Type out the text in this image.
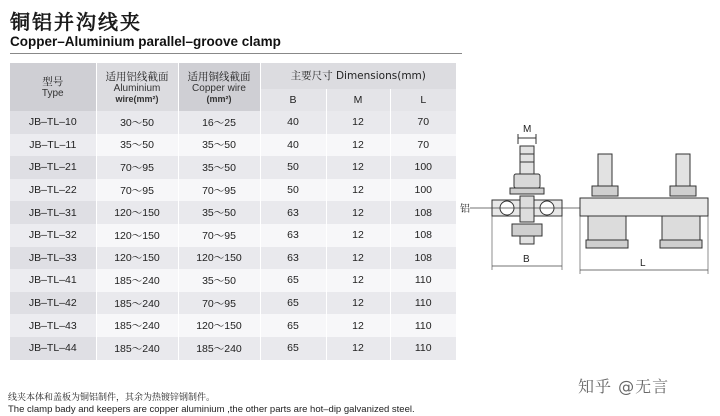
铜铝并沟线夹
Copper–Aluminium parallel–groove clamp
型号
Type	适用铝线截面
Aluminium
wire(mm²)	适用铜线截面
Copper wire
(mm²)	主要尺寸 Dimensions(mm)		

			B	M	L
JB–TL–10	30～50	16～25	40	12	70
JB–TL–11	35～50	35～50	40	12	70
JB–TL–21	70～95	35～50	50	12	100
JB–TL–22	70～95	70～95	50	12	100
JB–TL–31	120～150	35～50	63	12	108
JB–TL–32	120～150	70～95	63	12	108
JB–TL–33	120～150	120～150	63	12	108
JB–TL–41	185～240	35～50	65	12	110
JB–TL–42	185～240	70～95	65	12	110
JB–TL–43	185～240	120～150	65	12	110
JB–TL–44	185～240	185～240	65	12	110
M
铝
B	L
线夹本体和盖板为铜铝制件，其余为热镀锌钢制件。
The clamp bady and keepers are copper aluminium ,the other parts are hot–dip galvanized steel.
知乎 @无言
